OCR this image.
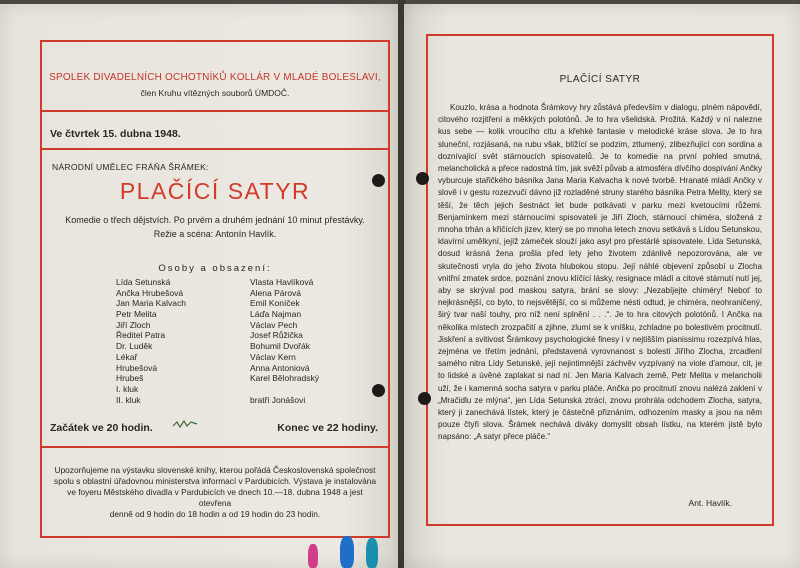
SPOLEK DIVADELNÍCH OCHOTNÍKŮ KOLLÁR V MLADÉ BOLESLAVI,
člen Kruhu vítězných souborů ÚMDOČ.
Ve čtvrtek 15. dubna 1948.
NÁRODNÍ UMĚLEC FRÁŇA ŠRÁMEK:
PLAČÍCÍ SATYR
Komedie o třech dějstvích. Po prvém a druhém jednání 10 minut přestávky.
Režie a scéna: Antonín Havlík.
Osoby a obsazení:
Lída Setunská	Vlasta Havlíková
Ančka Hrubešová	Alena Párová
Jan Maria Kalvach	Emil Koníček
Petr Melita	Láďa Najman
Jiří Zloch	Václav Pech
Ředitel Patra	Josef Růžička
Dr. Luděk	Bohumil Dvořák
Lékař	Václav Kern
Hrubešová	Anna Antoniová
Hrubeš	Karel Bělohradský
I. kluk
II. kluk	bratři Jonášovi
Začátek ve 20 hodin.	Konec ve 22 hodiny.
Upozorňujeme na výstavku slovenské knihy, kterou pořádá Československá společnost
spolu s oblastní úřadovnou ministerstva informací v Pardubicích. Výstava je instalována
ve foyeru Městského divadla v Pardubicích ve dnech 10.—18. dubna 1948 a jest otevřena
denně od 9 hodin do 18 hodin a od 19 hodin do 23 hodin.
PLAČÍCÍ SATYR
Kouzlo, krása a hodnota Šrámkovy hry zůstává především v dialogu, plném nápovědí, citového rozjitření a měkkých polotónů. Je to hra všelidská. Prožitá. Každý v ní nalezne kus sebe — kolik vroucího citu a křehké fantasie v melodické kráse slova. Je to hra sluneční, rozjásaná, na rubu však, blížící se podzim, ztlumený, zlibezňující con sordina a doznívající svět stárnoucích spisovatelů. Je to komedie na první pohled smutná, melancholická a přece radostná tím, jak svěží půvab a atmosféra dívčího dospívání Ančky vyburcuje stařičkého básníka Jana Maria Kalvacha k nové tvorbě. Hranaté mládí Ančky v slově i v gestu rozezvučí dávno již rozladěné struny starého básníka Petra Melity, který se těší, že těch jejich šestnáct let bude potkávati v parku mezi kvetoucími růžemi. Benjamínkem mezi stárnoucími spisovateli je Jiří Zloch, stárnoucí chiméra, složená z mnoha trhán a křičících jizev, který se po mnoha letech znovu setkává s Lídou Setunskou, klavírní umělkyní, jejíž zámeček slouží jako asyl pro přestárlé spisovatele. Lída Setunská, dosud krásná žena prošla před lety jeho životem zdánlivě nepozorována, ale ve skutečnosti vryla do jeho života hlubokou stopu. Její náhlé objevení způsobí u Zlocha vnitřní zmatek srdce, poznání znovu klíčící lásky, resignace mládí a citové stárnutí nutí jej, aby se skrýval pod maskou satyra, brání se slovy: „Nezabíjejte chiméry! Neboť to nejkrásnější, co bylo, to nejsvětější, co si můžeme nésti odtud, je chiméra, neohraničený, širý tvar naší touhy, pro níž není splnění . . .“. Je to hra citových polotónů. I Ančka na několika místech zrozpačití a zjihne, zlumí se k vníšku, zchladne po bolestivém procitnutí. Jiskření a svitivost Šrámkovy psychologické finesy i v nejtišším pianissimu rozezpívá hlas, zejména ve třetím jednání, představená vyrovnanost s bolestí Jiřího Zlocha, zrcadlení samého nitra Lídy Setunské, její nejintimnější záchvěv vyzpívaný na viole d'amour, cit, je to lidské a úvěné zaplakat si nad ní. Jen Maria Kalvach země, Petr Melita v melancholii uží, že i kamenná socha satyra v parku pláče. Ančka po procitnutí znovu nalézá zaklení v „Mračidlu ze mlýna“, jen Lída Setunská ztrácí, znovu prohrála odchodem Zlocha, satyra, který ji zanechává lístek, který je částečně přiznáním, odhozením masky a jsou na něm pouze čtyři slova. Šrámek nechává diváky domyslit obsah lístku, na kterém jistě bylo napsáno: „A satyr přece pláče.“
Ant. Havlík.
